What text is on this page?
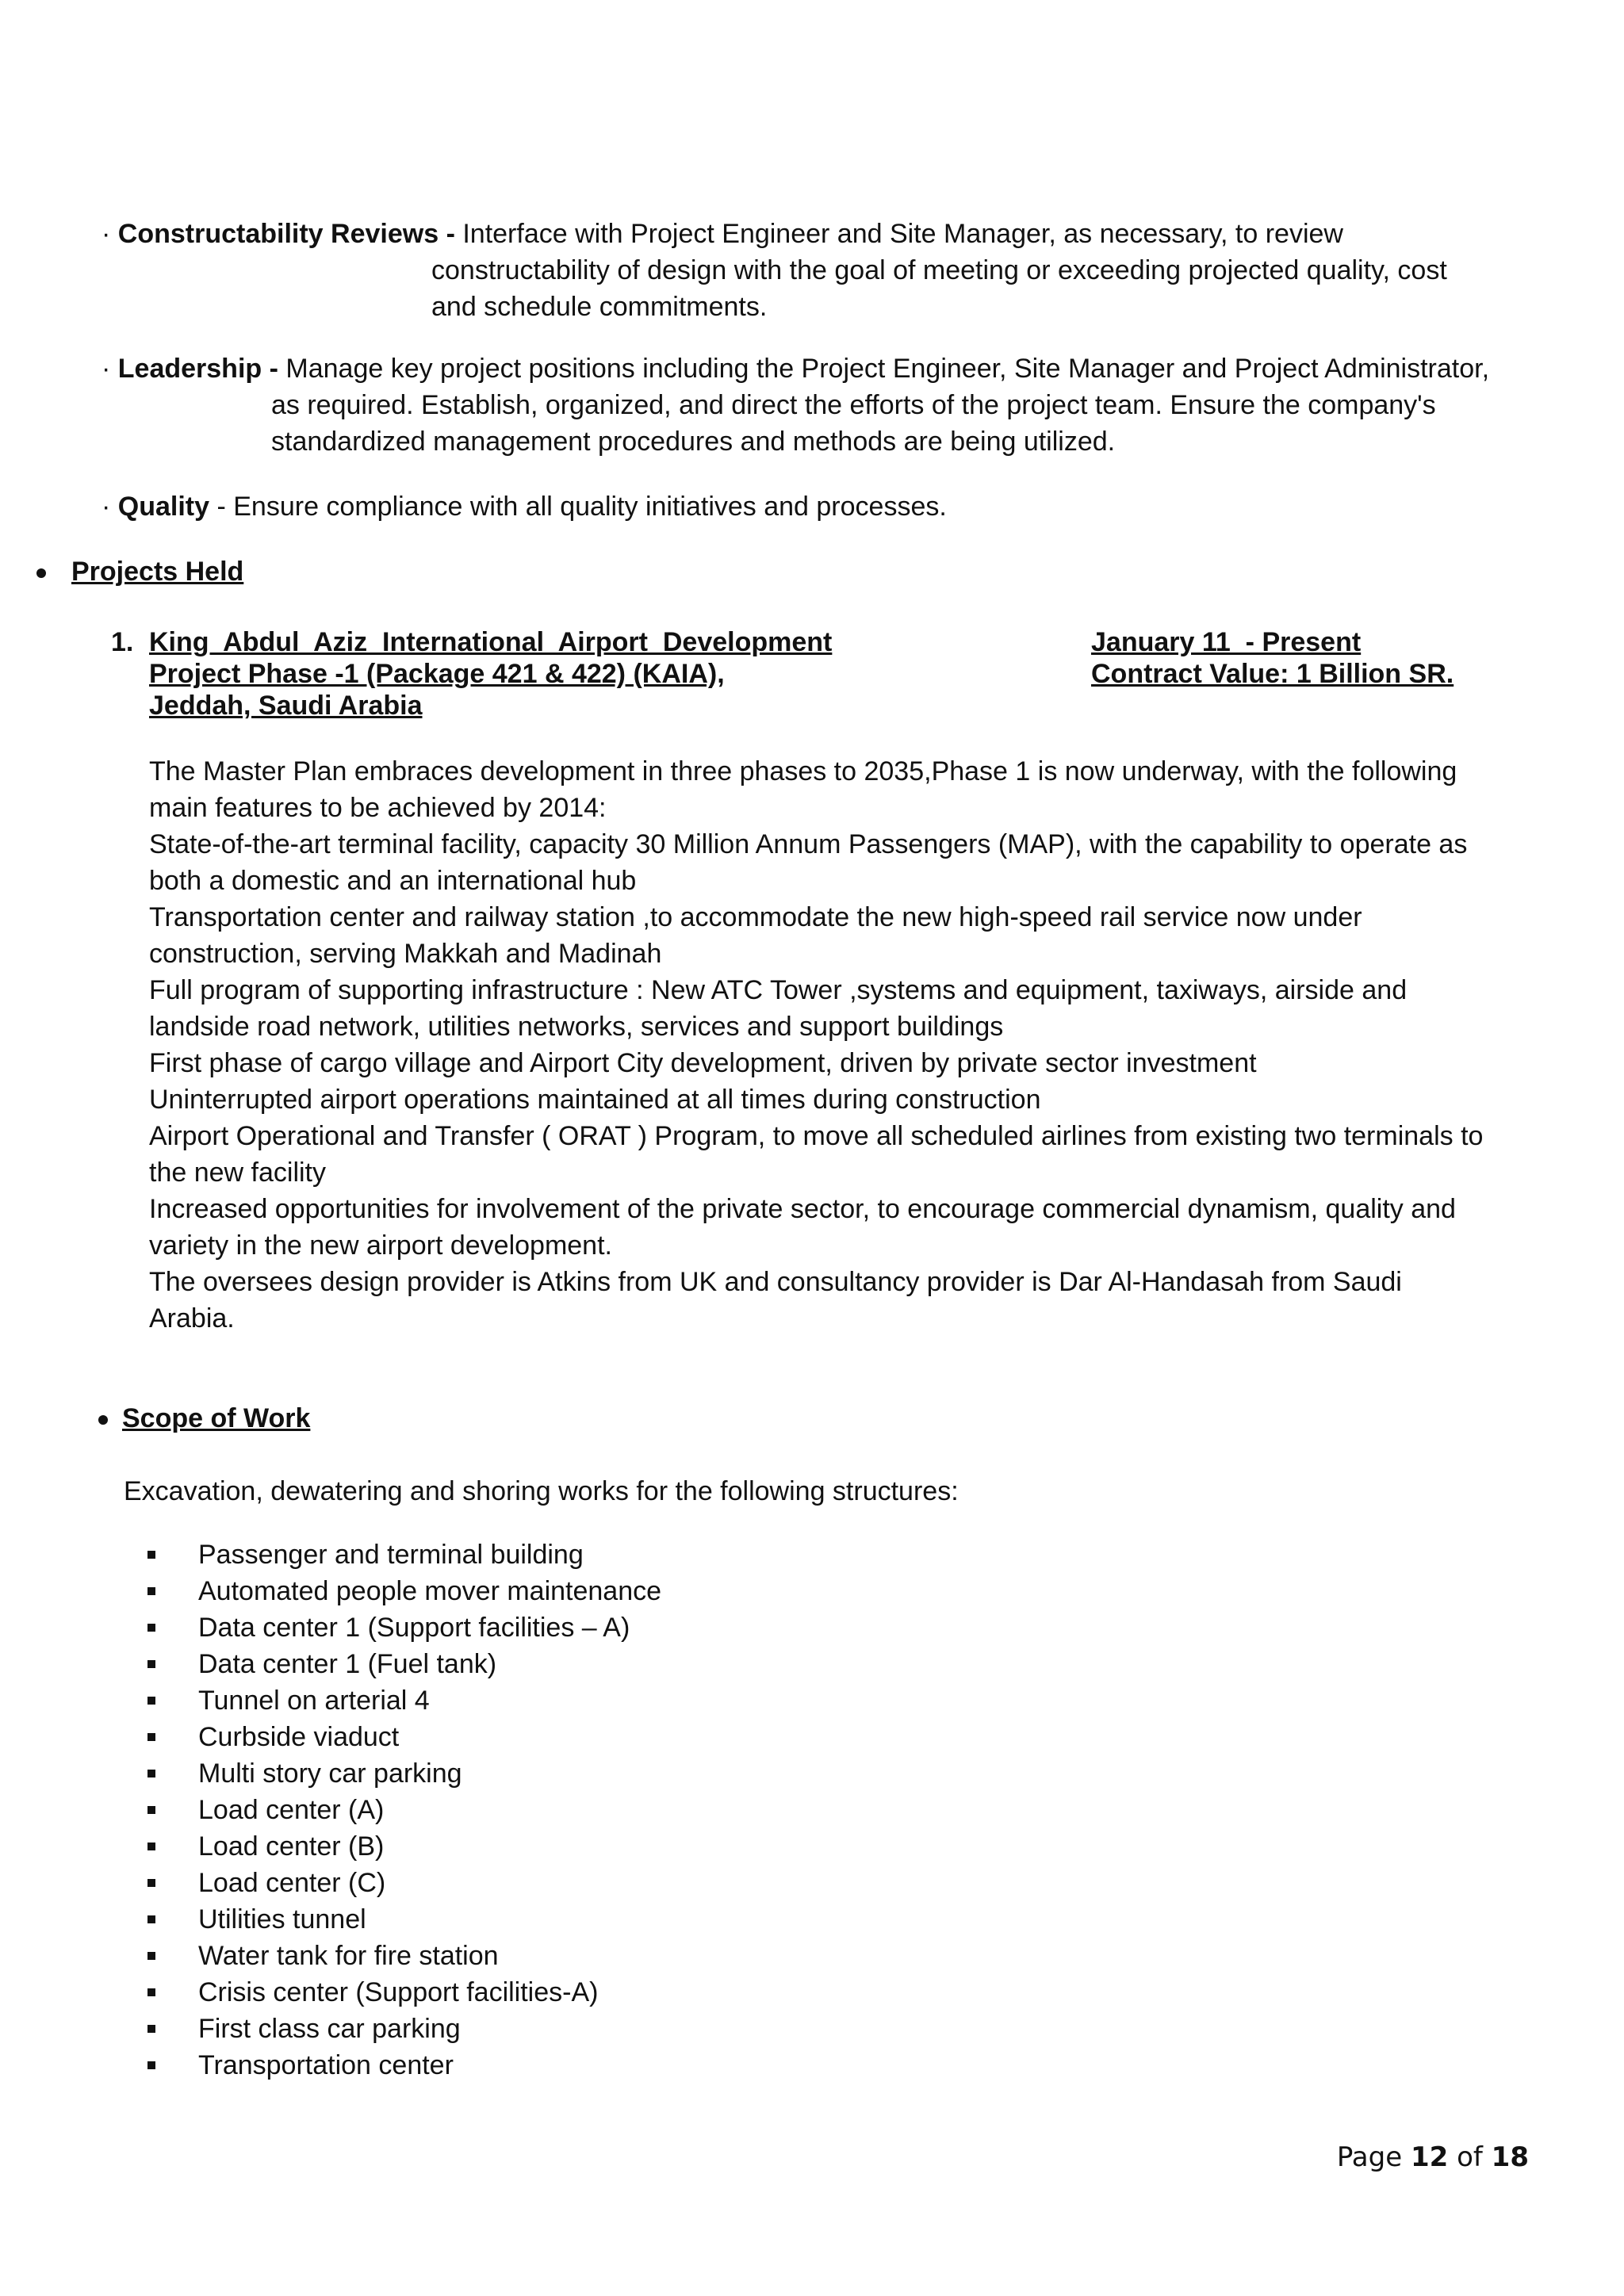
· Constructability Reviews - Interface with Project Engineer and Site Manager, as necessary, to review
constructability of design with the goal of meeting or exceeding projected quality, cost
and schedule commitments.
· Leadership - Manage key project positions including the Project Engineer, Site Manager and Project Administrator,
as required. Establish, organized, and direct the efforts of the project team. Ensure the company's
standardized management procedures and methods are being utilized.
· Quality - Ensure compliance with all quality initiatives and processes.
Projects Held
1. King  Abdul  Aziz  International  Airport  Development
Project Phase -1 (Package 421 & 422) (KAIA),
Jeddah, Saudi Arabia
January 11  - Present
Contract Value: 1 Billion SR.

The Master Plan embraces development in three phases to 2035,Phase 1 is now underway, with the following

main features to be achieved by 2014:

State-of-the-art terminal facility, capacity 30 Million Annum Passengers (MAP), with the capability to operate as

both a domestic and an international hub

Transportation center and railway station ,to accommodate the new high-speed rail service now under

construction, serving Makkah and Madinah

Full program of supporting infrastructure : New ATC Tower ,systems and equipment, taxiways, airside and

landside road network, utilities networks, services and support buildings

First phase of cargo village and Airport City development, driven by private sector investment

Uninterrupted airport operations maintained at all times during construction

Airport Operational and Transfer ( ORAT ) Program, to move all scheduled airlines from existing two terminals to

the new facility

Increased opportunities for involvement of the private sector, to encourage commercial dynamism, quality and

variety in the new airport development.

The oversees design provider is Atkins from UK and consultancy provider is Dar Al-Handasah from Saudi

Arabia.

Scope of Work
Excavation, dewatering and shoring works for the following structures:
Passenger and terminal building
Automated people mover maintenance
Data center 1 (Support facilities – A)
Data center 1 (Fuel tank)
Tunnel on arterial 4
Curbside viaduct
Multi story car parking
Load center (A)
Load center (B)
Load center (C)
Utilities tunnel
Water tank for fire station
Crisis center (Support facilities-A)
First class car parking
Transportation center
Page 12 of 18
